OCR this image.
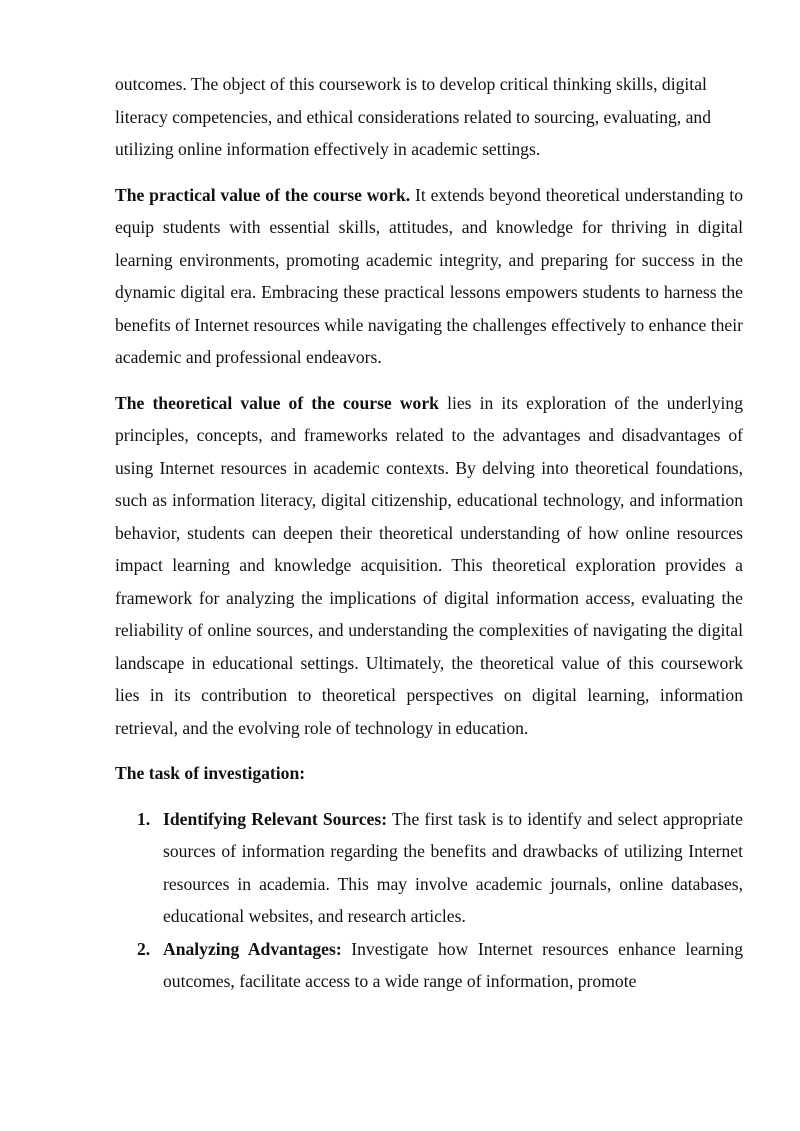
outcomes. The object of this coursework is to develop critical thinking skills, digital literacy competencies, and ethical considerations related to sourcing, evaluating, and utilizing online information effectively in academic settings.

The practical value of the course work. It extends beyond theoretical understanding to equip students with essential skills, attitudes, and knowledge for thriving in digital learning environments, promoting academic integrity, and preparing for success in the dynamic digital era. Embracing these practical lessons empowers students to harness the benefits of Internet resources while navigating the challenges effectively to enhance their academic and professional endeavors.

The theoretical value of the course work lies in its exploration of the underlying principles, concepts, and frameworks related to the advantages and disadvantages of using Internet resources in academic contexts. By delving into theoretical foundations, such as information literacy, digital citizenship, educational technology, and information behavior, students can deepen their theoretical understanding of how online resources impact learning and knowledge acquisition. This theoretical exploration provides a framework for analyzing the implications of digital information access, evaluating the reliability of online sources, and understanding the complexities of navigating the digital landscape in educational settings. Ultimately, the theoretical value of this coursework lies in its contribution to theoretical perspectives on digital learning, information retrieval, and the evolving role of technology in education.

The task of investigation:

1. Identifying Relevant Sources: The first task is to identify and select appropriate sources of information regarding the benefits and drawbacks of utilizing Internet resources in academia. This may involve academic journals, online databases, educational websites, and research articles.
2. Analyzing Advantages: Investigate how Internet resources enhance learning outcomes, facilitate access to a wide range of information, promote
